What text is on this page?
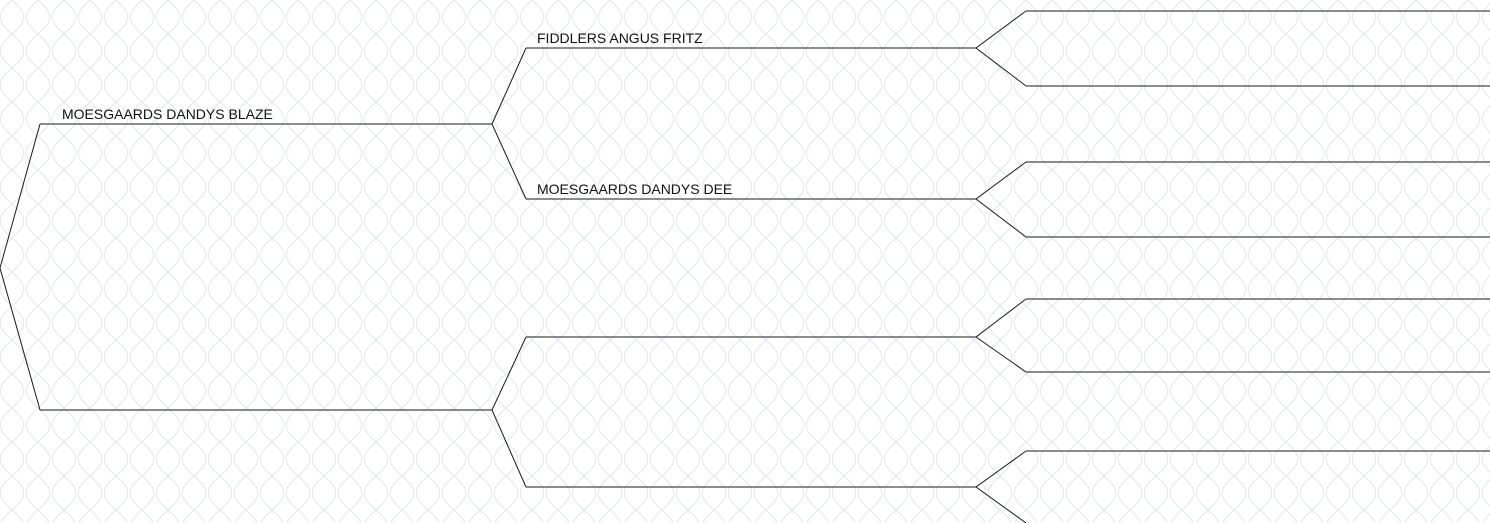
MOESGAARDS DANDYS BLAZE
FIDDLERS ANGUS FRITZ
MOESGAARDS DANDYS DEE
